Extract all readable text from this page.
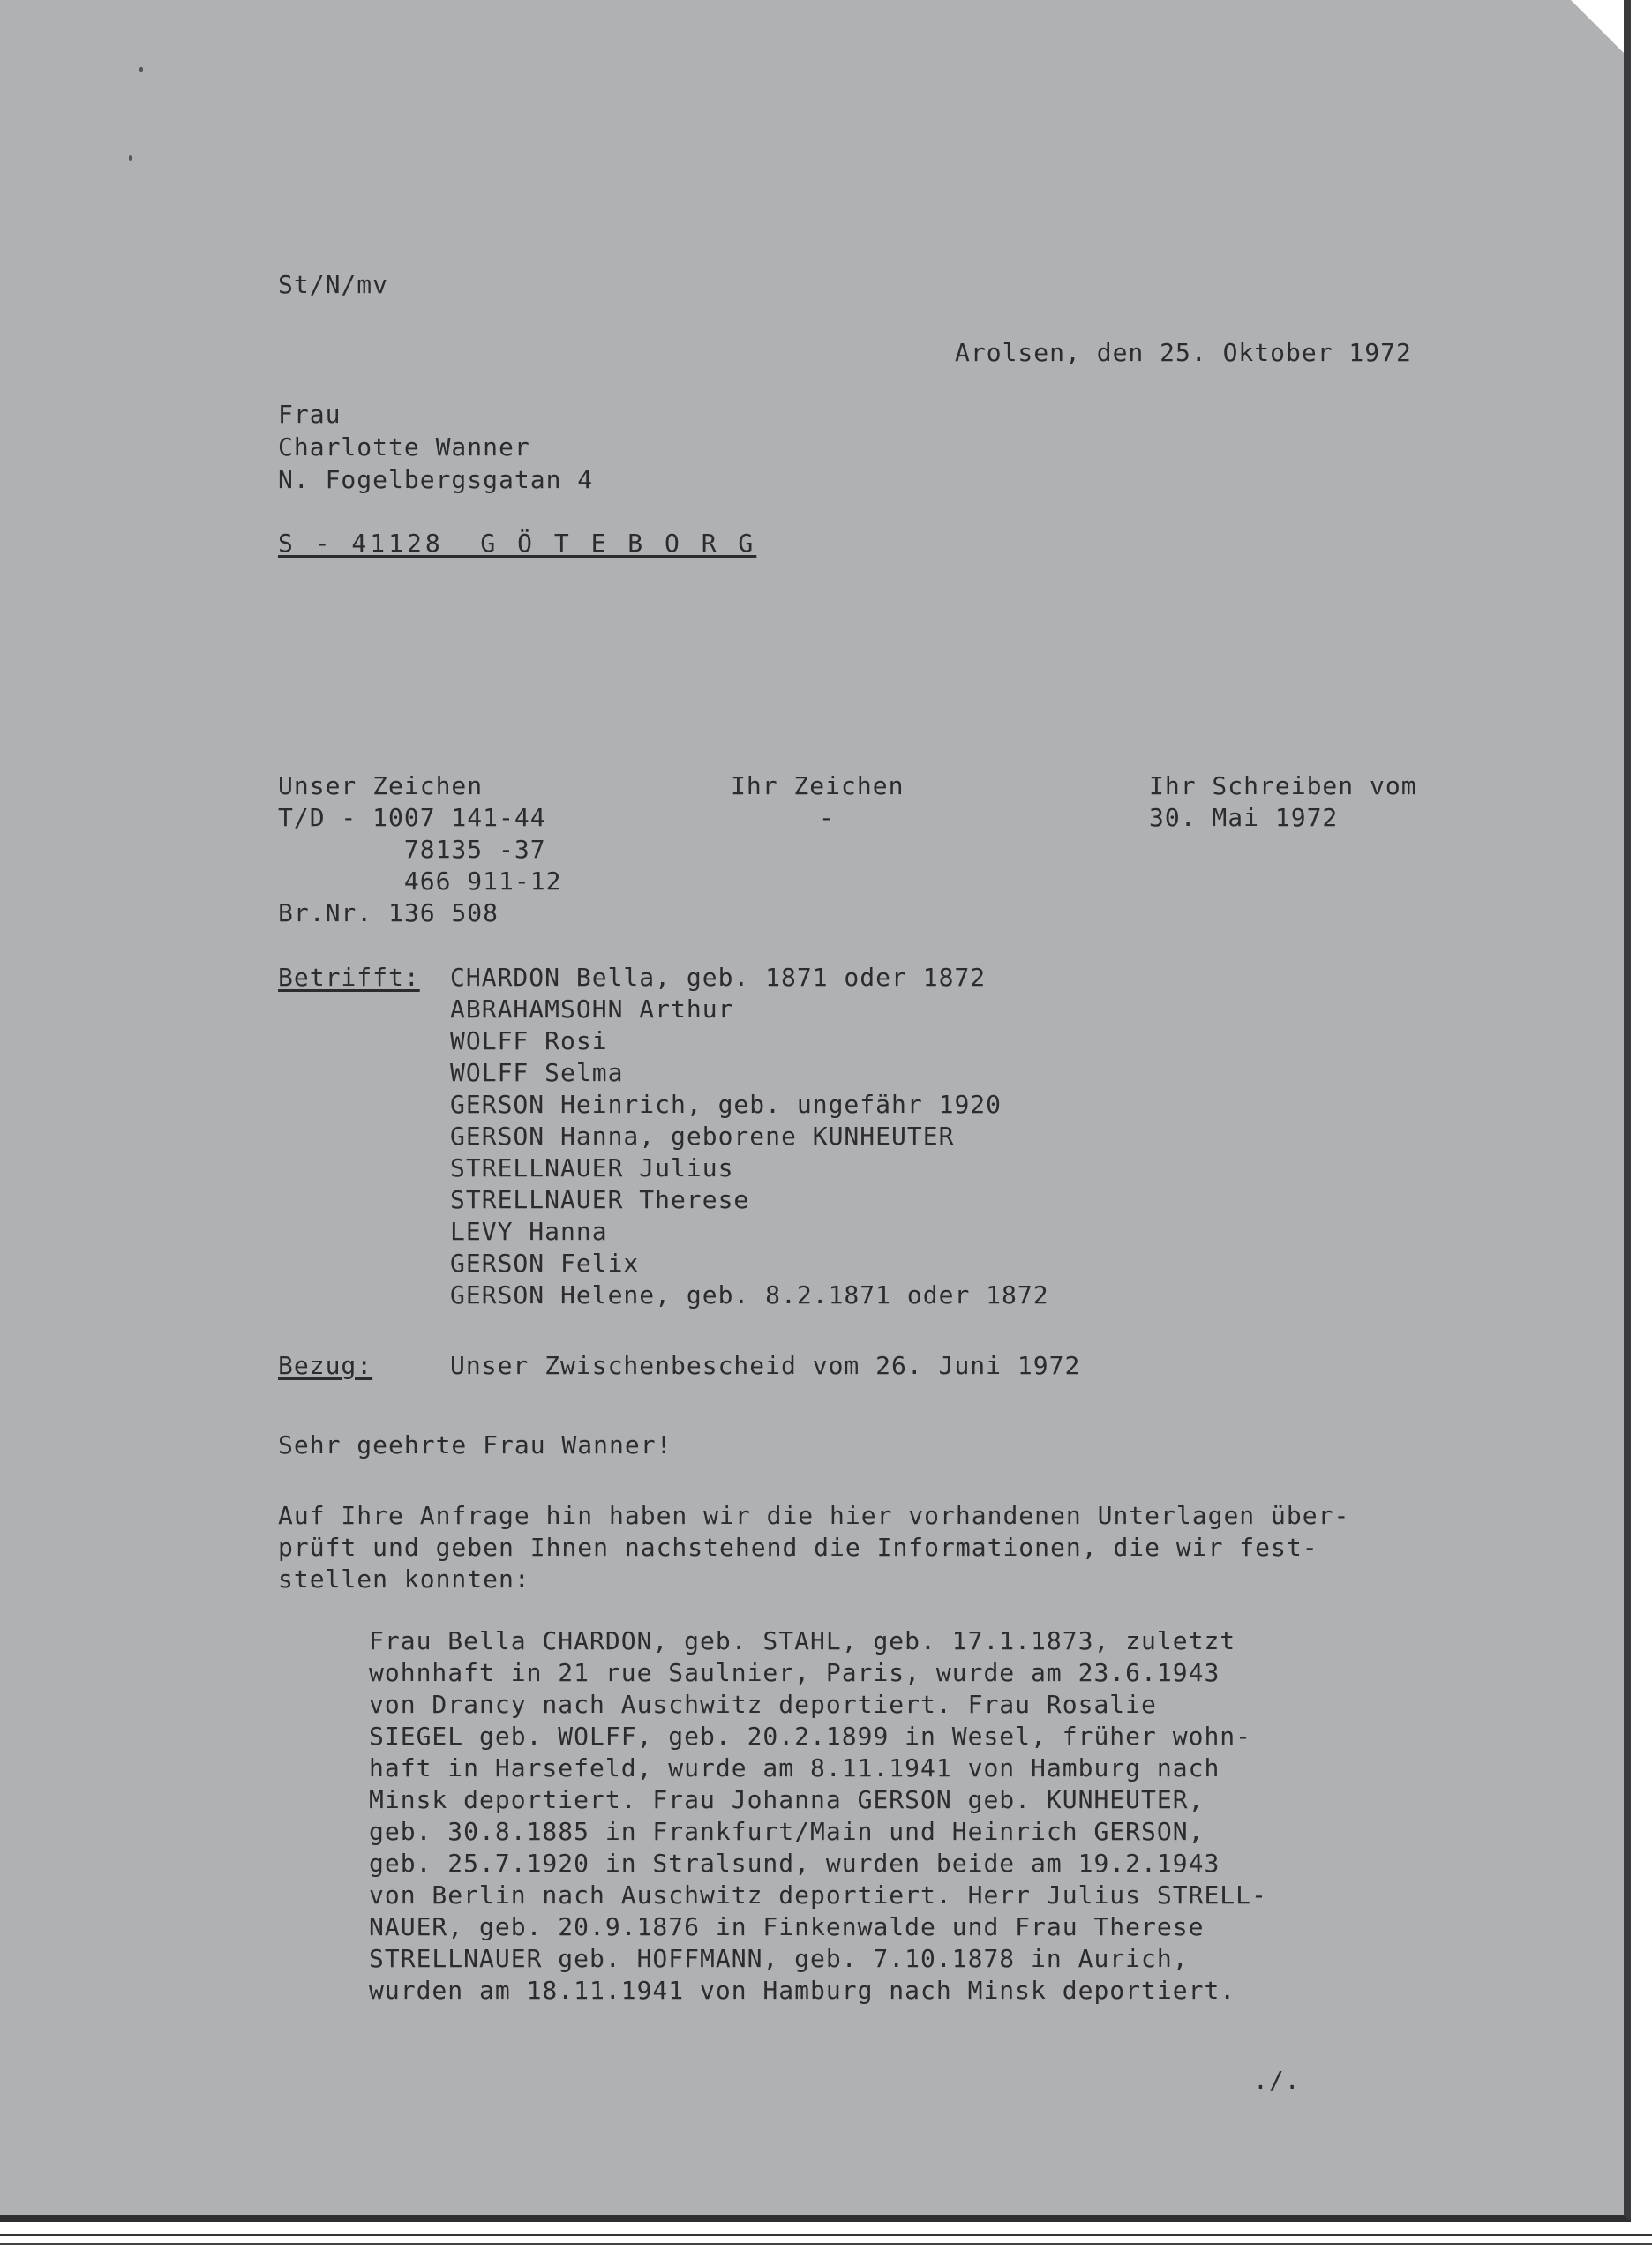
St/N/mv

Arolsen, den 25. Oktober 1972

Frau

Charlotte Wanner

N. Fogelbergsgatan 4

S - 41128  G Ö T E B O R G

Unser Zeichen

T/D - 1007 141-44

78135 -37

466 911-12

Br.Nr. 136 508

Ihr Zeichen

-

Ihr Schreiben vom

30. Mai 1972

Betrifft: CHARDON Bella, geb. 1871 oder 1872

ABRAHAMSOHN Arthur

WOLFF Rosi

WOLFF Selma

GERSON Heinrich, geb. ungefähr 1920

GERSON Hanna, geborene KUNHEUTER

STRELLNAUER Julius

STRELLNAUER Therese

LEVY Hanna

GERSON Felix

GERSON Helene, geb. 8.2.1871 oder 1872

Bezug:	Unser Zwischenbescheid vom 26. Juni 1972

Sehr geehrte Frau Wanner!

Auf Ihre Anfrage hin haben wir die hier vorhandenen Unterlagen über-

prüft und geben Ihnen nachstehend die Informationen, die wir fest-

stellen konnten:

Frau Bella CHARDON, geb. STAHL, geb. 17.1.1873, zuletzt

wohnhaft in 21 rue Saulnier, Paris, wurde am 23.6.1943

von Drancy nach Auschwitz deportiert. Frau Rosalie

SIEGEL geb. WOLFF, geb. 20.2.1899 in Wesel, früher wohn-

haft in Harsefeld, wurde am 8.11.1941 von Hamburg nach

Minsk deportiert. Frau Johanna GERSON geb. KUNHEUTER,

geb. 30.8.1885 in Frankfurt/Main und Heinrich GERSON,

geb. 25.7.1920 in Stralsund, wurden beide am 19.2.1943

von Berlin nach Auschwitz deportiert. Herr Julius STRELL-

NAUER, geb. 20.9.1876 in Finkenwalde und Frau Therese

STRELLNAUER geb. HOFFMANN, geb. 7.10.1878 in Aurich,

wurden am 18.11.1941 von Hamburg nach Minsk deportiert.

./.
